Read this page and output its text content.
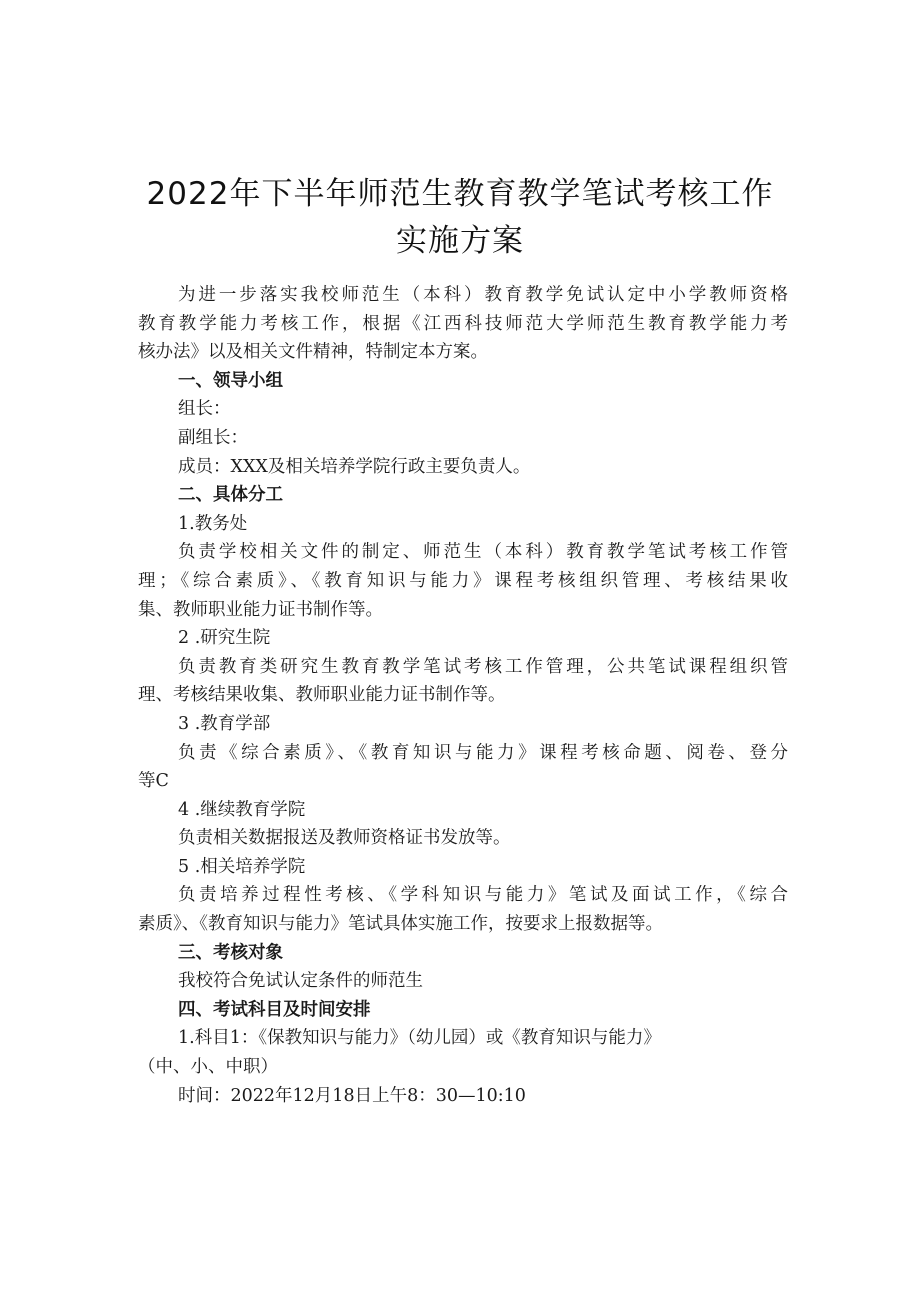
2022年下半年师范生教育教学笔试考核工作
实施方案
为进一步落实我校师范生（本科）教育教学免试认定中小学教师资格
教育教学能力考核工作，根据《江西科技师范大学师范生教育教学能力考
核办法》以及相关文件精神，特制定本方案。
一、领导小组
组长：
副组长：
成员：XXX及相关培养学院行政主要负责人。
二、具体分工
1.教务处
负责学校相关文件的制定、师范生（本科）教育教学笔试考核工作管
理；《综合素质》、《教育知识与能力》课程考核组织管理、考核结果收
集、教师职业能力证书制作等。
2 .研究生院
负责教育类研究生教育教学笔试考核工作管理，公共笔试课程组织管
理、考核结果收集、教师职业能力证书制作等。
3 .教育学部
负责《综合素质》、《教育知识与能力》课程考核命题、阅卷、登分
等C
4 .继续教育学院
负责相关数据报送及教师资格证书发放等。
5 .相关培养学院
负责培养过程性考核、《学科知识与能力》笔试及面试工作，《综合
素质》、《教育知识与能力》笔试具体实施工作，按要求上报数据等。
三、考核对象
我校符合免试认定条件的师范生
四、考试科目及时间安排
1.科目1：《保教知识与能力》（幼儿园）或《教育知识与能力》
（中、小、中职）
时间：2022年12月18日上午8：30—10:10
